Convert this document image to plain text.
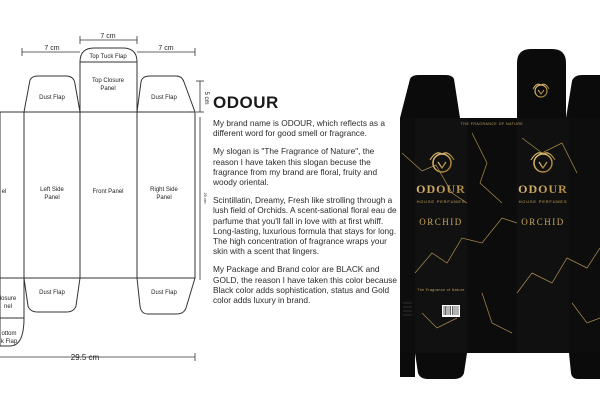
7 cm
7 cm	7 cm
5 cm
20 cm
29.5 cm
Top Tuck Flap
Top Closure
Panel
Dust Flap	Dust Flap
Left Side
Panel
Front Panel	Right Side
Panel
el
Dust Flap	Dust Flap
losure
nel
ottom
k Flap
ODOUR

My brand name is ODOUR, which reflects as a different word for good smell or fragrance.

My slogan is "The Fragrance of Nature", the reason I have taken this slogan becuse the fragrance from my brand are floral, fruity and woody oriental.

Scintillatin, Dreamy, Fresh like strolling through a lush field of Orchids. A scent-sational floral eau de parfume that you'll fall in love with at first whiff. Long-lasting, luxurious formula that stays for long. The high concentration of fragrance wraps your skin with a scent that lingers.

My Package and Brand color are BLACK and GOLD, the reason I have taken this color because Black color adds sophistication, status and Gold color adds luxury in brand.

ODOUR
HOUSE PERFUMES
ORCHID
ODOUR
HOUSE PERFUMES
ORCHID
THE FRAGRANCE OF NATURE
The Fragrance of Nature
